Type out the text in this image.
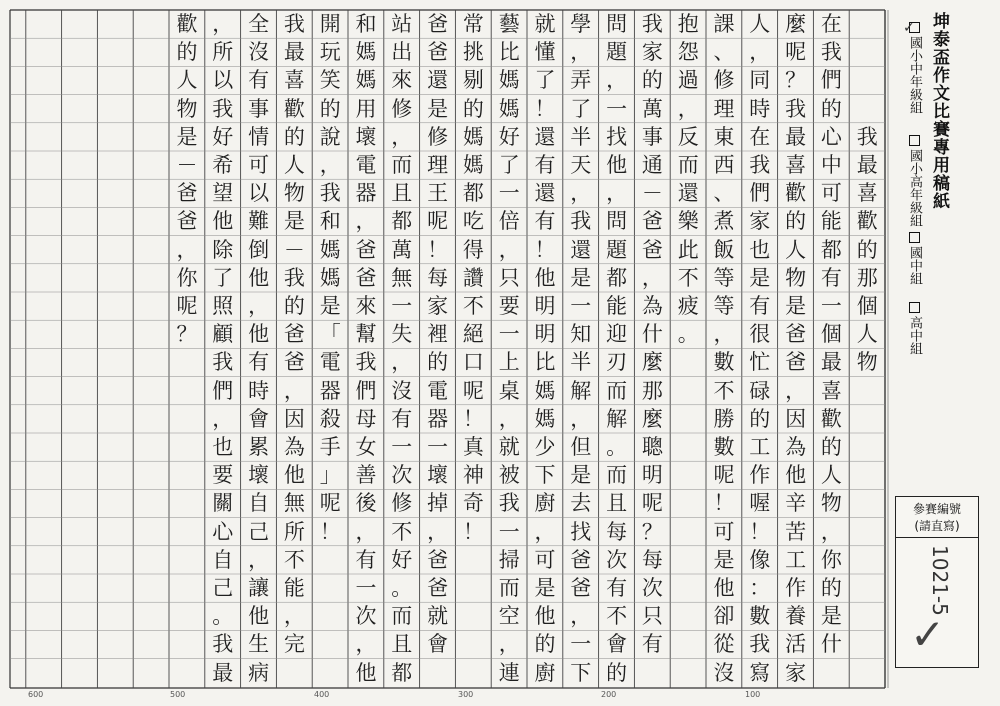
我
最
喜
歡
的
那
個
人
物
在
我
們
的
心
中
可
能
都
有
一
個
最
喜
歡
的
人
物
，
你
的
是
什
麼
呢
？
我
最
喜
歡
的
人
物
是
爸
爸
，
因
為
他
辛
苦
工
作
養
活
家
人
，
同
時
在
我
們
家
也
是
有
很
忙
碌
的
工
作
喔
！
像
：
數
我
寫
課
、
修
理
東
西
、
煮
飯
等
等
，
數
不
勝
數
呢
！
可
是
他
卻
從
沒
抱
怨
過
，
反
而
還
樂
此
不
疲
。
我
家
的
萬
事
通
－
爸
爸
，
為
什
麼
那
麼
聰
明
呢
？
每
次
只
有
問
題
，
一
找
他
，
問
題
都
能
迎
刃
而
解
。
而
且
每
次
有
不
會
的
學
，
弄
了
半
天
，
我
還
是
一
知
半
解
，
但
是
去
找
爸
爸
，
一
下
就
懂
了
！
還
有
還
有
！
他
明
明
比
媽
媽
少
下
廚
，
可
是
他
的
廚
藝
比
媽
媽
好
了
一
倍
，
只
要
一
上
桌
，
就
被
我
一
掃
而
空
，
連
常
挑
剔
的
媽
媽
都
吃
得
讚
不
絕
口
呢
！
真
神
奇
！
爸
爸
還
是
修
理
王
呢
！
每
家
裡
的
電
器
一
壞
掉
，
爸
爸
就
會
站
出
來
修
，
而
且
都
萬
無
一
失
，
沒
有
一
次
修
不
好
。
而
且
都
和
媽
媽
用
壞
電
器
，
爸
爸
來
幫
我
們
母
女
善
後
，
有
一
次
，
他
開
玩
笑
的
說
，
我
和
媽
媽
是
「
電
器
殺
手
」
呢
！
我
最
喜
歡
的
人
物
是
－
我
的
爸
爸
，
因
為
他
無
所
不
能
，
完
全
沒
有
事
情
可
以
難
倒
他
，
他
有
時
會
累
壞
自
己
，
讓
他
生
病
，
所
以
我
好
希
望
他
除
了
照
顧
我
們
，
也
要
關
心
自
己
。
我
最
歡
的
人
物
是
－
爸
爸
，
你
呢
？
坤泰盃作文比賽專用稿紙
國小中年級組
國小高年級組
國中組
高中組
✓
參賽編號
(請直寫)
1021-5
✓
600	500	400	300	200	100
